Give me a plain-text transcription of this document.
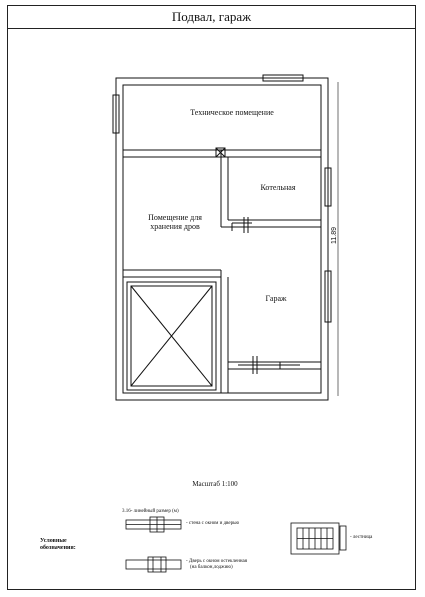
Подвал, гараж
Техническое помещение
Котельная
Помещение для
хранения дров
Гараж
11.89
Масштаб 1:100
Условные
обозначения:
3.16- линейный размер (м)
- стена с окном и дверью
- Дверь с окном остекленная
(на балкон,лоджию)
- лестница
